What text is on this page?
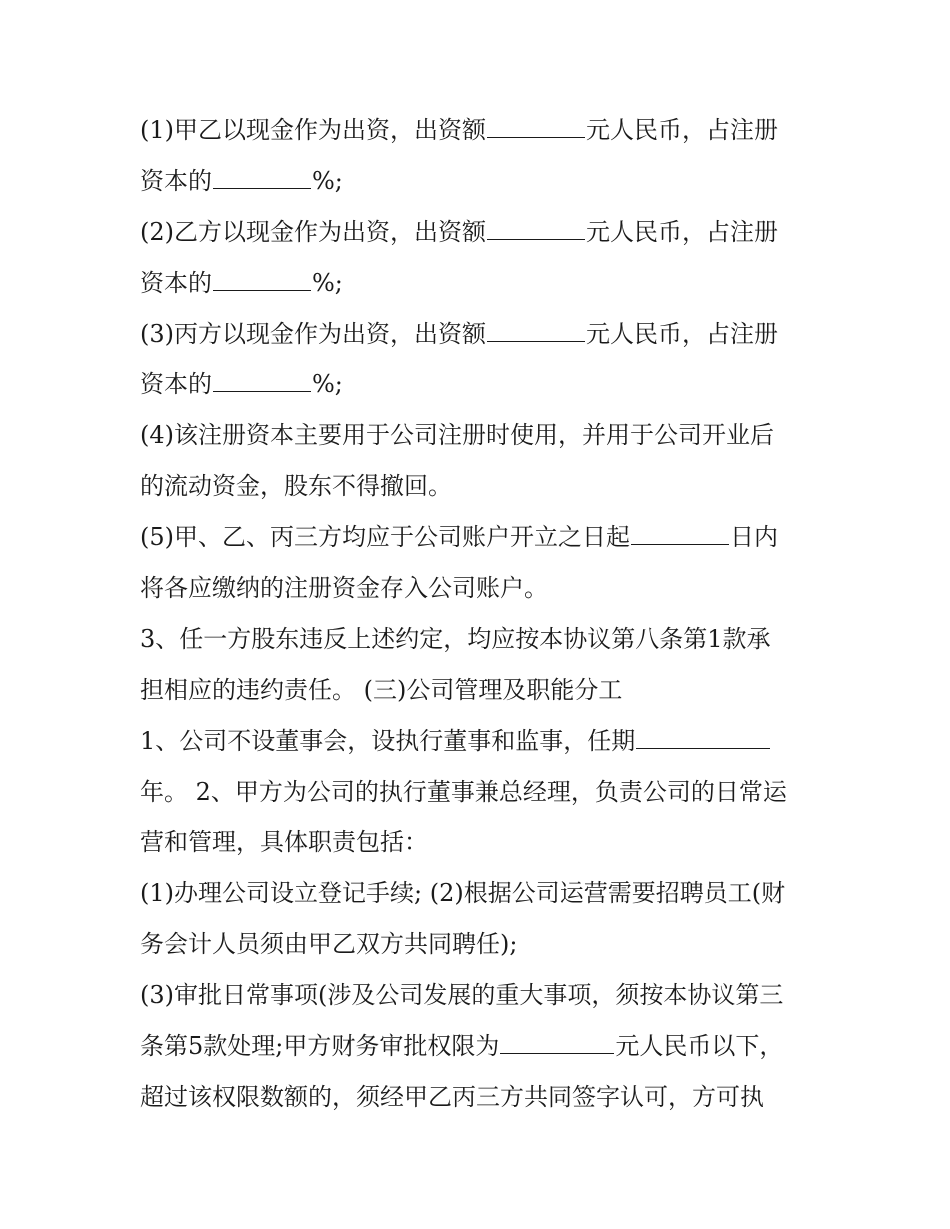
(1)甲乙以现金作为出资，出资额	元人民币，占注册
资本的	%;
(2)乙方以现金作为出资，出资额	元人民币，占注册
资本的	%;
(3)丙方以现金作为出资，出资额	元人民币，占注册
资本的	%;
(4)该注册资本主要用于公司注册时使用，并用于公司开业后
的流动资金，股东不得撤回。
(5)甲、乙、丙三方均应于公司账户开立之日起	日内
将各应缴纳的注册资金存入公司账户。
3、任一方股东违反上述约定，均应按本协议第八条第1款承
担相应的违约责任。 (三)公司管理及职能分工
1、公司不设董事会，设执行董事和监事，任期
年。 2、甲方为公司的执行董事兼总经理，负责公司的日常运
营和管理，具体职责包括：
(1)办理公司设立登记手续; (2)根据公司运营需要招聘员工(财
务会计人员须由甲乙双方共同聘任);
(3)审批日常事项(涉及公司发展的重大事项，须按本协议第三
条第5款处理;甲方财务审批权限为	元人民币以下，
超过该权限数额的，须经甲乙丙三方共同签字认可，方可执
